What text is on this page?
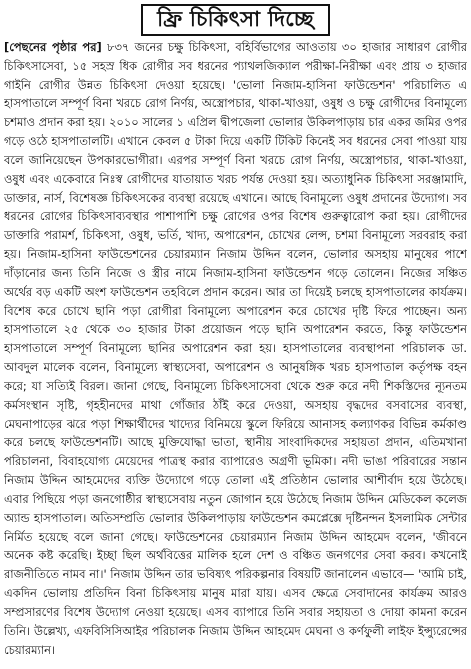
ফ্রি চিকিৎসা দিচ্ছে

[পেছনের পৃষ্ঠার পর] ৮৩৭ জনের চক্ষু চিকিৎসা, বহির্বিভাগের আওতায় ৩০ হাজার সাধারণ রোগীর চিকিৎসাসেবা, ১৫ সহস্র ধিক রোগীর সব ধরনের প্যাথলজিক্যাল পরীক্ষা-নিরীক্ষা এবং প্রায় ৩ হাজার গাইনি রোগীর উন্নত চিকিৎসা দেওয়া হয়েছে। 'ভোলা নিজাম-হাসিনা ফাউন্ডেশন' পরিচালিত এ হাসপাতালে সম্পূর্ণ বিনা খরচে রোগ নির্ণয়, অস্ত্রোপচার, থাকা-খাওয়া, ওষুধ ও চক্ষু রোগীদের বিনামূল্যে চশমাও প্রদান করা হয়। ২০১০ সালের ১ এপ্রিল দ্বীপজেলা ভোলার উকিলপাড়ায় চার একর জমির ওপর গড়ে ওঠে হাসপাতালটি। এখানে কেবল ৫ টাকা দিয়ে একটি টিকিট কিনেই সব ধরনের সেবা পাওয়া যায় বলে জানিয়েছেন উপকারভোগীরা। এরপর সম্পূর্ণ বিনা খরচে রোগ নির্ণয়, অস্ত্রোপচার, থাকা-খাওয়া, ওষুধ এবং একেবারে নিঃস্ব রোগীদের যাতায়াত খরচ পর্যন্ত দেওয়া হয়। অত্যাধুনিক চিকিৎসা সরঞ্জামাদি, ডাক্তার, নার্স, বিশেষজ্ঞ চিকিৎসকের ব্যবস্থা রয়েছে এখানে। আছে বিনামূল্যে ওষুধ প্রদানের উদ্যোগ। সব ধরনের রোগের চিকিৎসাব্যবস্থার পাশাপাশি চক্ষু রোগের ওপর বিশেষ গুরুত্বারোপ করা হয়। রোগীদের ডাক্তারি পরামর্শ, চিকিৎসা, ওষুধ, ভর্তি, খাদ্য, অপারেশন, চোখের লেন্স, চশমা বিনামূল্যে সরবরাহ করা হয়। নিজাম-হাসিনা ফাউন্ডেশনের চেয়ারম্যান নিজাম উদ্দিন বলেন, ভোলার অসহায় মানুষের পাশে দাঁড়ানোর জন্য তিনি নিজে ও স্ত্রীর নামে নিজাম-হাসিনা ফাউন্ডেশন গড়ে তোলেন। নিজের সঞ্চিত অর্থের বড় একটি অংশ ফাউন্ডেশন তহবিলে প্রদান করেন। আর তা দিয়েই চলছে হাসপাতালের কার্যক্রম। বিশেষ করে চোখে ছানি পড়া রোগীরা বিনামূল্যে অপারেশন করে চোখের দৃষ্টি ফিরে পাচ্ছেন। অন্য হাসপাতালে ২৫ থেকে ৩০ হাজার টাকা প্রয়োজন পড়ে ছানি অপারেশন করতে, কিন্তু ফাউন্ডেশন হাসপাতালে সম্পূর্ণ বিনামূল্যে ছানির অপারেশন করা হয়। হাসপাতালের ব্যবস্থাপনা পরিচালক ডা. আবদুল মালেক বলেন, বিনামূল্যে স্বাস্থ্যসেবা, অপারেশন ও আনুষঙ্গিক খরচ হাসপাতাল কর্তৃপক্ষ বহন করে; যা সত্যিই বিরল। জানা গেছে, বিনামূল্যে চিকিৎসাসেবা থেকে শুরু করে নদী শিকস্তিদের ন্যূনতম কর্মসংস্থান সৃষ্টি, গৃহহীনদের মাথা গোঁজার ঠাঁই করে দেওয়া, অসহায় বৃদ্ধদের বসবাসের ব্যবস্থা, মেঘনাপাড়ের ঝরে পড়া শিক্ষার্থীদের খাদ্যের বিনিময়ে স্কুলে ফিরিয়ে আনাসহ কল্যাণকর বিভিন্ন কর্মকাণ্ড করে চলছে ফাউন্ডেশনটি। আছে মুক্তিযোদ্ধা ভাতা, স্থানীয় সাংবাদিকদের সহায়তা প্রদান, এতিমখানা পরিচালনা, বিবাহযোগ্য মেয়েদের পাত্রস্থ করার ব্যাপারেও অগ্রণী ভূমিকা। নদী ভাঙা পরিবারের সন্তান নিজাম উদ্দিন আহমেদের ব্যক্তি উদ্যোগে গড়ে তোলা এই প্রতিষ্ঠান ভোলার আশীর্বাদ হয়ে উঠেছে। এবার পিছিয়ে পড়া জনগোষ্ঠীর স্বাস্থ্যসেবায় নতুন জোগান হয়ে উঠেছে নিজাম উদ্দিন মেডিকেল কলেজ অ্যান্ড হাসপাতাল। অতিসম্প্রতি ভোলার উকিলপাড়ায় ফাউন্ডেশন কমপ্লেক্সে দৃষ্টিনন্দন ইসলামিক সেন্টার নির্মিত হয়েছে বলে জানা গেছে। ফাউন্ডেশনের চেয়ারম্যান নিজাম উদ্দিন আহমেদ বলেন, 'জীবনে অনেক কষ্ট করেছি। ইচ্ছা ছিল অর্থবিত্তের মালিক হলে দেশ ও বঞ্চিত জনগণের সেবা করব। কখনোই রাজনীতিতে নামব না।' নিজাম উদ্দিন তার ভবিষ্যৎ পরিকল্পনার বিষয়টি জানালেন এভাবে— 'আমি চাই, একদিন ভোলায় প্রতিদিন বিনা চিকিৎসায় মানুষ মারা যায়। এসব ক্ষেত্রে সেবাদানের কার্যক্রম আরও সম্প্রসারণের বিশেষ উদ্যোগ নেওয়া হয়েছে। এসব ব্যাপারে তিনি সবার সহায়তা ও দোয়া কামনা করেন তিনি। উল্লেখ্য, এফবিসিসিআইর পরিচালক নিজাম উদ্দিন আহমেদ মেঘনা ও কর্ণফুলী লাইফ ইন্স্যুরেন্সের চেয়ারম্যান।
